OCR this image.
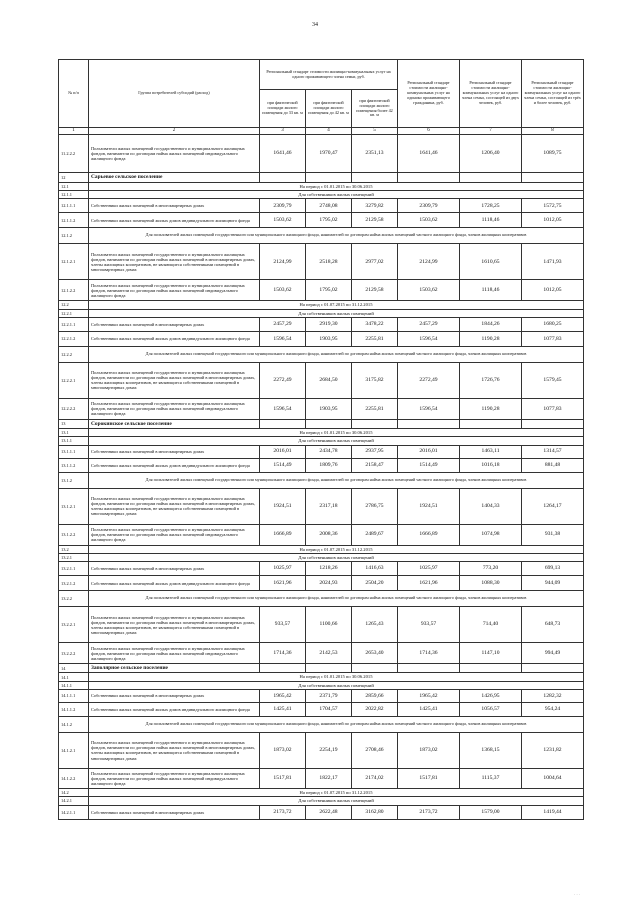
34
№ п/п	Группа потребителей субсидий (расход)	Региональный стандарт стоимости жилищно-коммунальных услуг на одного проживающего члена семьи, руб.			Региональный стандарт стоимости жилищно-коммунальных услуг на одиноко проживающего гражданина, руб.	Региональный стандарт стоимости жилищно-коммунальных услуг на одного члена семьи, состоящей из двух человек, руб.	Региональный стандарт стоимости жилищно-коммунальных услуг на одного члена семьи, состоящей из трёх и более человек, руб.
		при фактической площади жилого помещения до 33 кв. м	при фактической площади жилого помещения до 42 кв. м	при фактической площади жилого помещения более 42 кв. м			
1	2	3	4	5	6	7	8
11.2.2.2	Пользователи жилых помещений государственного и муниципального жилищных фондов, наниматели по договорам найма жилых помещений индивидуального жилищного фонда	1641,46	1970,47	2351,13	1641,46	1206,40	1089,75
12	Сарьевое сельское поселение						
12.1	На период с 01.01.2015 по 30.06.2015						
12.1.1	Для собственников жилых помещений						
12.1.1.1	Собственники жилых помещений в многоквартирных домах	2309,79	2748,08	3279,82	2309,79	1728,25	1572,75
12.1.1.2	Собственники жилых помещений жилых домов индивидуального жилищного фонда	1503,62	1795,02	2129,58	1503,62	1118,46	1012,05
12.1.2	Для пользователей жилых помещений государственного или муниципального жилищного фонда, нанимателей по договорам найма жилых помещений частного жилищного фонда, членов жилищных кооперативов						
12.1.2.1	Пользователи жилых помещений государственного и муниципального жилищных фондов, наниматели по договорам найма жилых помещений в многоквартирных домах, члены жилищных кооперативов, не являющиеся собственниками помещений в многоквартирных домах	2124,99	2518,28	2977,02	2124,99	1610,65	1471,93
12.1.2.2	Пользователи жилых помещений государственного и муниципального жилищных фондов, наниматели по договорам найма жилых помещений индивидуального жилищного фонда	1503,62	1795,02	2129,58	1503,62	1118,46	1012,05
12.2	На период с 01.07.2015 по 31.12.2015						
12.2.1	Для собственников жилых помещений						
12.2.1.1	Собственники жилых помещений в многоквартирных домах	2457,29	2919,30	3478,22	2457,29	1844,26	1680,25
12.2.1.2	Собственники жилых помещений жилых домов индивидуального жилищного фонда	1596,54	1903,95	2255,81	1596,54	1190,28	1077,83
12.2.2	Для пользователей жилых помещений государственного или муниципального жилищного фонда, нанимателей по договорам найма жилых помещений частного жилищного фонда, членов жилищных кооперативов						
12.2.2.1	Пользователи жилых помещений государственного и муниципального жилищных фондов, наниматели по договорам найма жилых помещений в многоквартирных домах, члены жилищных кооперативов, не являющиеся собственниками помещений в многоквартирных домах	2272,49	2684,50	3175,82	2272,49	1726,76	1579,45
12.2.2.2	Пользователи жилых помещений государственного и муниципального жилищных фондов, наниматели по договорам найма жилых помещений индивидуального жилищного фонда	1596,54	1903,95	2255,81	1596,54	1190,28	1077,83
13	Сорокинское сельское поселение						
13.1	На период с 01.01.2015 по 30.06.2015						
13.1.1	Для собственников жилых помещений						
13.1.1.1	Собственники жилых помещений в многоквартирных домах	2016,01	2434,78	2937,95	2016,01	1463,11	1314,57
13.1.1.2	Собственники жилых помещений жилых домов индивидуального жилищного фонда	1514,49	1809,76	2158,47	1514,49	1016,18	881,48
13.1.2	Для пользователей жилых помещений государственного или муниципального жилищного фонда, нанимателей по договорам найма жилых помещений частного жилищного фонда, членов жилищных кооперативов						
13.1.2.1	Пользователи жилых помещений государственного и муниципального жилищных фондов, наниматели по договорам найма жилых помещений в многоквартирных домах, члены жилищных кооперативов, не являющиеся собственниками помещений в многоквартирных домах	1924,51	2317,18	2786,75	1924,51	1404,33	1264,17
13.1.2.2	Пользователи жилых помещений государственного и муниципального жилищных фондов, наниматели по договорам найма жилых помещений индивидуального жилищного фонда	1666,89	2008,36	2489,67	1666,89	1074,98	931,38
13.2	На период с 01.07.2015 по 31.12.2015						
13.2.1	Для собственников жилых помещений						
13.2.1.1	Собственники жилых помещений в многоквартирных домах	1025,97	1218,26	1416,63	1025,97	773,20	699,13
13.2.1.2	Собственники жилых помещений жилых домов индивидуального жилищного фонда	1621,96	2024,93	2504,20	1621,96	1088,30	944,09
13.2.2	Для пользователей жилых помещений государственного или муниципального жилищного фонда, нанимателей по договорам найма жилых помещений частного жилищного фонда, членов жилищных кооперативов						
13.2.2.1	Пользователи жилых помещений государственного и муниципального жилищных фондов, наниматели по договорам найма жилых помещений в многоквартирных домах, члены жилищных кооперативов, не являющиеся собственниками помещений в многоквартирных домах	933,57	1100,66	1265,43	933,57	714,40	648,73
13.2.2.2	Пользователи жилых помещений государственного и муниципального жилищных фондов, наниматели по договорам найма жилых помещений индивидуального жилищного фонда	1714,36	2142,53	2653,40	1714,36	1147,10	994,49
14	Заполярное сельское поселение						
14.1	На период с 01.01.2015 по 30.06.2015						
14.1.1	Для собственников жилых помещений						
14.1.1.1	Собственники жилых помещений в многоквартирных домах	1965,42	2371,79	2859,66	1965,42	1426,95	1282,32
14.1.1.2	Собственники жилых помещений жилых домов индивидуального жилищного фонда	1425,41	1704,57	2022,82	1425,41	1056,57	954,24
14.1.2	Для пользователей жилых помещений государственного или муниципального жилищного фонда, нанимателей по договорам найма жилых помещений частного жилищного фонда, членов жилищных кооперативов						
14.1.2.1	Пользователи жилых помещений государственного и муниципального жилищных фондов, наниматели по договорам найма жилых помещений в многоквартирных домах, члены жилищных кооперативов, не являющиеся собственниками помещений в многоквартирных домах	1873,02	2254,19	2708,46	1873,02	1368,15	1231,82
14.1.2.2	Пользователи жилых помещений государственного и муниципального жилищных фондов, наниматели по договорам найма жилых помещений индивидуального жилищного фонда	1517,81	1822,17	2174,02	1517,81	1115,37	1004,64
14.2	На период с 01.07.2015 по 31.12.2015						
14.2.1	Для собственников жилых помещений						
14.2.1.1	Собственники жилых помещений в многоквартирных домах	2173,72	2622,48	3162,80	2173,72	1579,00	1419,44
· · ·
